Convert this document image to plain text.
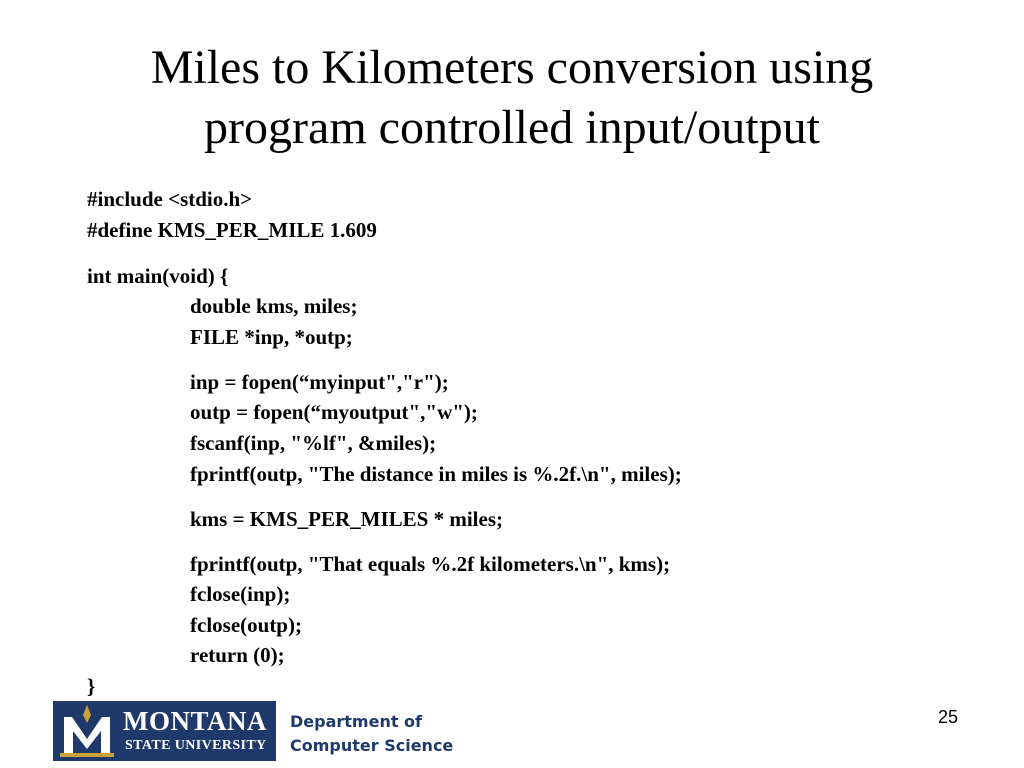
Miles to Kilometers conversion using
program controlled input/output
#include <stdio.h>
#define KMS_PER_MILE 1.609
int main(void) {
double kms, miles;
FILE *inp, *outp;
inp = fopen(“myinput","r");
outp = fopen(“myoutput","w");
fscanf(inp, "%lf", &miles);
fprintf(outp, "The distance in miles is %.2f.\n", miles);
kms = KMS_PER_MILES * miles;
fprintf(outp, "That equals %.2f kilometers.\n", kms);
fclose(inp);
fclose(outp);
return (0);
}
MONTANA
STATE UNIVERSITY
Department of
Computer Science
25
